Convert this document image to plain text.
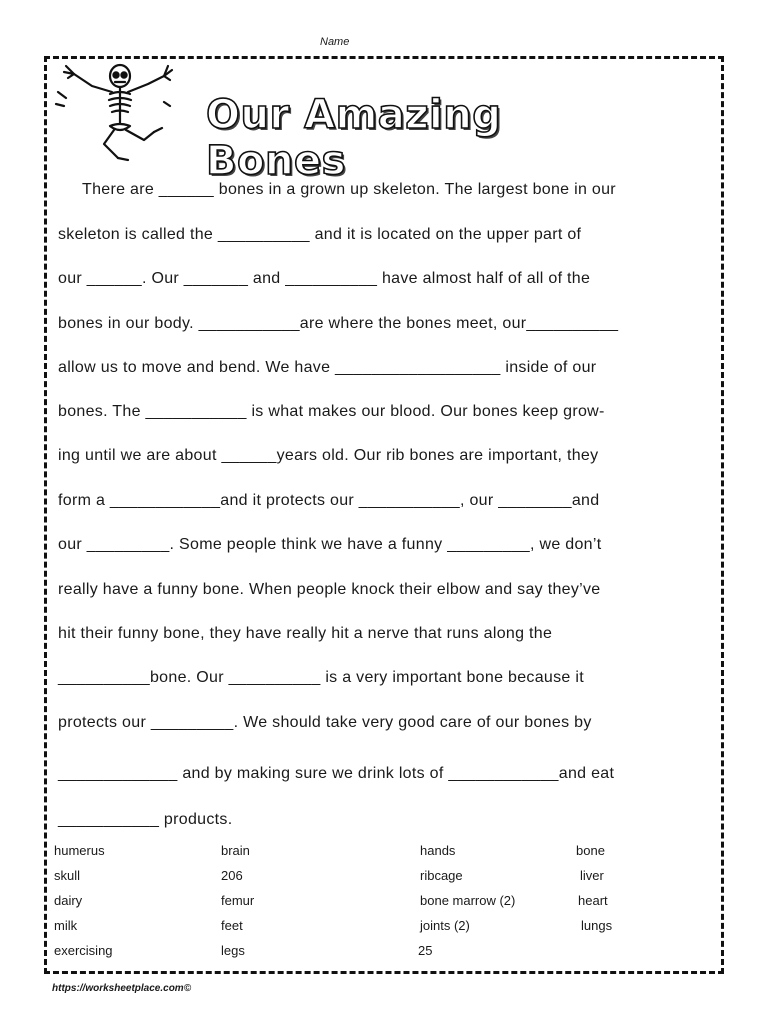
Name
Our Amazing Bones
There are ______ bones in a grown up skeleton. The largest bone in our
skeleton is called the __________ and it is located on the upper part of
our ______. Our _______ and __________ have almost half of all of the
bones in our body. ___________are where the bones meet, our__________
allow us to move and bend. We have __________________ inside of our
bones. The ___________ is what makes our blood. Our bones keep grow-
ing until we are about ______years old. Our rib bones are important, they
form a ____________and it protects our ___________, our ________and
our _________. Some people think we have a funny _________, we don’t
really have a funny bone. When people knock their elbow and say they’ve
hit their funny bone, they have really hit a nerve that runs along the
__________bone. Our __________ is a very important bone because it
protects our _________. We should take very good care of our bones by
_____________ and by making sure we drink lots of ____________and eat
___________ products.
humerus
skull
dairy
milk
exercising
brain
206
femur
feet
legs
hands
ribcage
bone marrow (2)
joints (2)
25
bone
liver
heart
lungs
https://worksheetplace.com©
